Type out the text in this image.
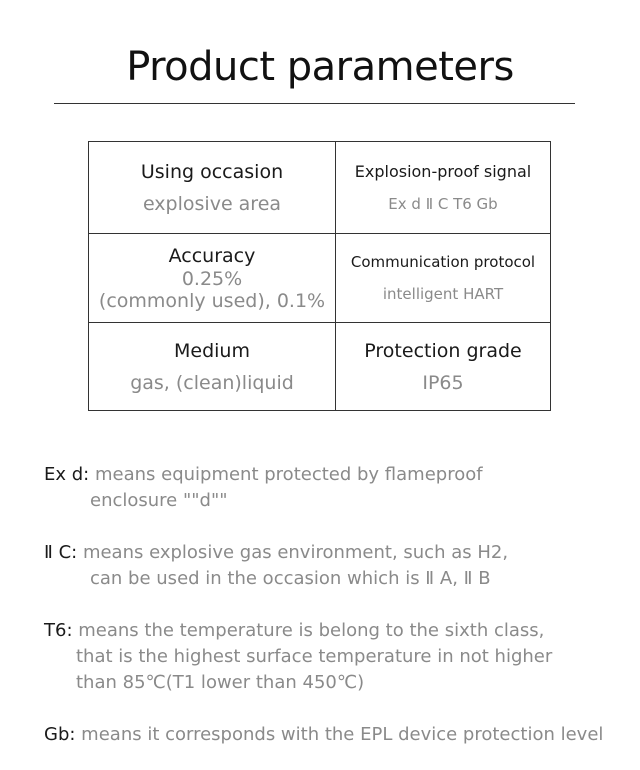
Product parameters
Using occasion
explosive area
Explosion-proof signal
Ex d Ⅱ C T6 Gb
Accuracy
0.25%
(commonly used), 0.1%
Communication protocol
intelligent HART
Medium
gas, (clean)liquid
Protection grade
IP65
Ex d: means equipment protected by flameproof
enclosure ""d""
Ⅱ C: means explosive gas environment, such as H2,
can be used in the occasion which is Ⅱ A, Ⅱ B
T6: means the temperature is belong to the sixth class,
that is the highest surface temperature in not higher
than 85℃(T1 lower than 450℃)
Gb: means it corresponds with the EPL device protection level
